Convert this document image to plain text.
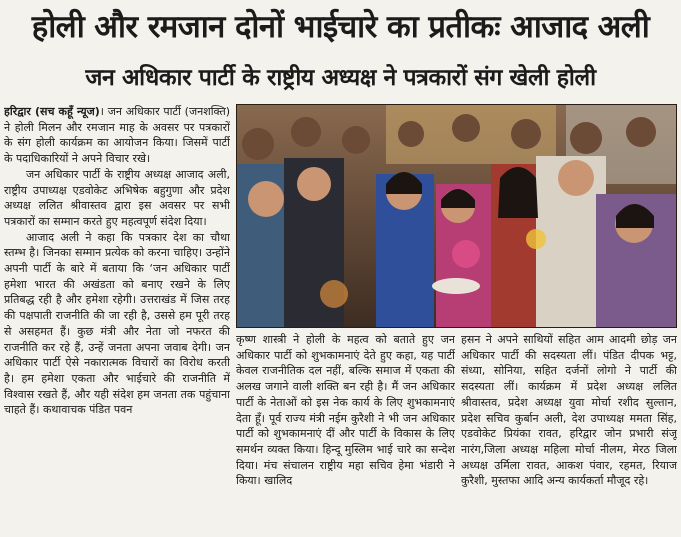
होली और रमजान दोनों भाईचारे का प्रतीकः आजाद अली
जन अधिकार पार्टी के राष्ट्रीय अध्यक्ष ने पत्रकारों संग खेली होली

हरिद्वार (सच कहूँ न्यूज)। जन अधिकार पार्टी (जनशक्ति) ने होली मिलन और रमजान माह के अवसर पर पत्रकारों के संग होली कार्यक्रम का आयोजन किया। जिसमें पार्टी के पदाधिकारियों ने अपने विचार रखे।

जन अधिकार पार्टी के राष्ट्रीय अध्यक्ष आजाद अली, राष्ट्रीय उपाध्यक्ष एडवोकेट अभिषेक बहुगुणा और प्रदेश अध्यक्ष ललित श्रीवास्तव द्वारा इस अवसर पर सभी पत्रकारों का सम्मान करते हुए महत्वपूर्ण संदेश दिया।

आजाद अली ने कहा कि पत्रकार देश का चौथा स्तम्भ है। जिनका सम्मान प्रत्येक को करना चाहिए। उन्होंने अपनी पार्टी के बारे में बताया कि ‘जन अधिकार पार्टी हमेशा भारत की अखंडता को बनाए रखने के लिए प्रतिबद्ध रही है और हमेशा रहेगी। उत्तराखंड में जिस तरह की पक्षपाती राजनीति की जा रही है, उससे हम पूरी तरह से असहमत हैं। कुछ मंत्री और नेता जो नफरत की राजनीति कर रहे हैं, उन्हें जनता अपना जवाब देगी। जन अधिकार पार्टी ऐसे नकारात्मक विचारों का विरोध करती है। हम हमेशा एकता और भाईचारे की राजनीति में विश्वास रखते हैं, और यही संदेश हम जनता तक पहुंचाना चाहते हैं। कथावाचक पंडित पवन

कृष्ण शास्त्री ने होली के महत्व को बताते हुए जन अधिकार पार्टी को शुभकामनाएं देते हुए कहा, यह पार्टी केवल राजनीतिक दल नहीं, बल्कि समाज में एकता की अलख जगाने वाली शक्ति बन रही है। मैं जन अधिकार पार्टी के नेताओं को इस नेक कार्य के लिए शुभकामनाएं देता हूँ। पूर्व राज्य मंत्री नईम कुरैशी ने भी जन अधिकार पार्टी को शुभकामनाएं दीं और पार्टी के विकास के लिए समर्थन व्यक्त किया। हिन्दू मुस्लिम भाई चारे का सन्देश दिया। मंच संचालन राष्ट्रीय महा सचिव हेमा भंडारी ने किया। खालिद

हसन ने अपने साथियों सहित आम आदमी छोड़ जन अधिकार पार्टी की सदस्यता लीं। पंडित दीपक भट्ट, संध्या, सोनिया, सहित दर्जनों लोगो ने पार्टी की सदस्यता लीं। कार्यक्रम में प्रदेश अध्यक्ष ललित श्रीवास्तव, प्रदेश अध्यक्ष युवा मोर्चा रशीद सुल्तान, प्रदेश सचिव कुर्बान अली, देश उपाध्यक्ष ममता सिंह, एडवोकेट प्रियंका रावत, हरिद्वार जोन प्रभारी संजू नारंग,जिला अध्यक्ष महिला मोर्चा नीलम, मेरठ जिला अध्यक्ष उर्मिला रावत, आकश पंवार, रहमत, रियाज कुरैशी, मुस्तफा आदि अन्य कार्यकर्ता मौजूद रहे।
